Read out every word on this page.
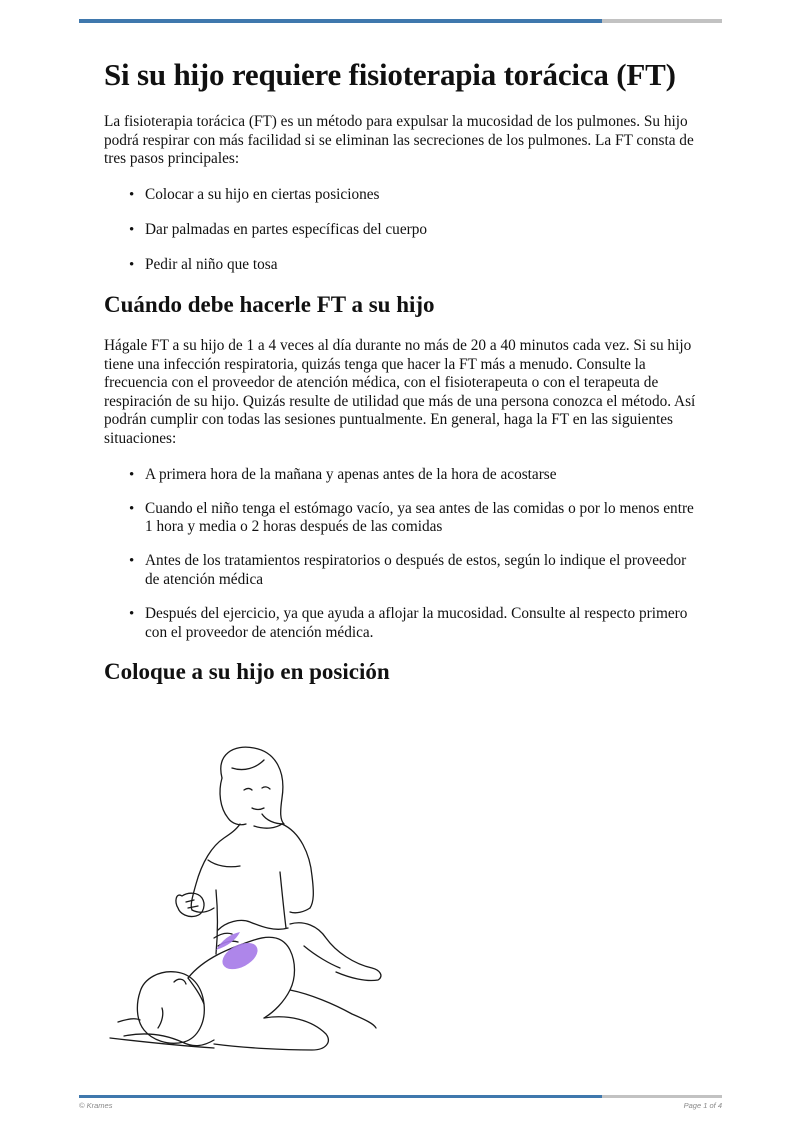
Si su hijo requiere fisioterapia torácica (FT)

La fisioterapia torácica (FT) es un método para expulsar la mucosidad de los pulmones. Su hijo podrá respirar con más facilidad si se eliminan las secreciones de los pulmones. La FT consta de tres pasos principales:

• Colocar a su hijo en ciertas posiciones
• Dar palmadas en partes específicas del cuerpo
• Pedir al niño que tosa
Cuándo debe hacerle FT a su hijo

Hágale FT a su hijo de 1 a 4 veces al día durante no más de 20 a 40 minutos cada vez. Si su hijo tiene una infección respiratoria, quizás tenga que hacer la FT más a menudo. Consulte la frecuencia con el proveedor de atención médica, con el fisioterapeuta o con el terapeuta de respiración de su hijo. Quizás resulte de utilidad que más de una persona conozca el método. Así podrán cumplir con todas las sesiones puntualmente. En general, haga la FT en las siguientes situaciones:

• A primera hora de la mañana y apenas antes de la hora de acostarse
• Cuando el niño tenga el estómago vacío, ya sea antes de las comidas o por lo menos entre 1 hora y media o 2 horas después de las comidas
• Antes de los tratamientos respiratorios o después de estos, según lo indique el proveedor de atención médica
• Después del ejercicio, ya que ayuda a aflojar la mucosidad. Consulte al respecto primero con el proveedor de atención médica.
Coloque a su hijo en posición
© Krames	Page 1 of 4
